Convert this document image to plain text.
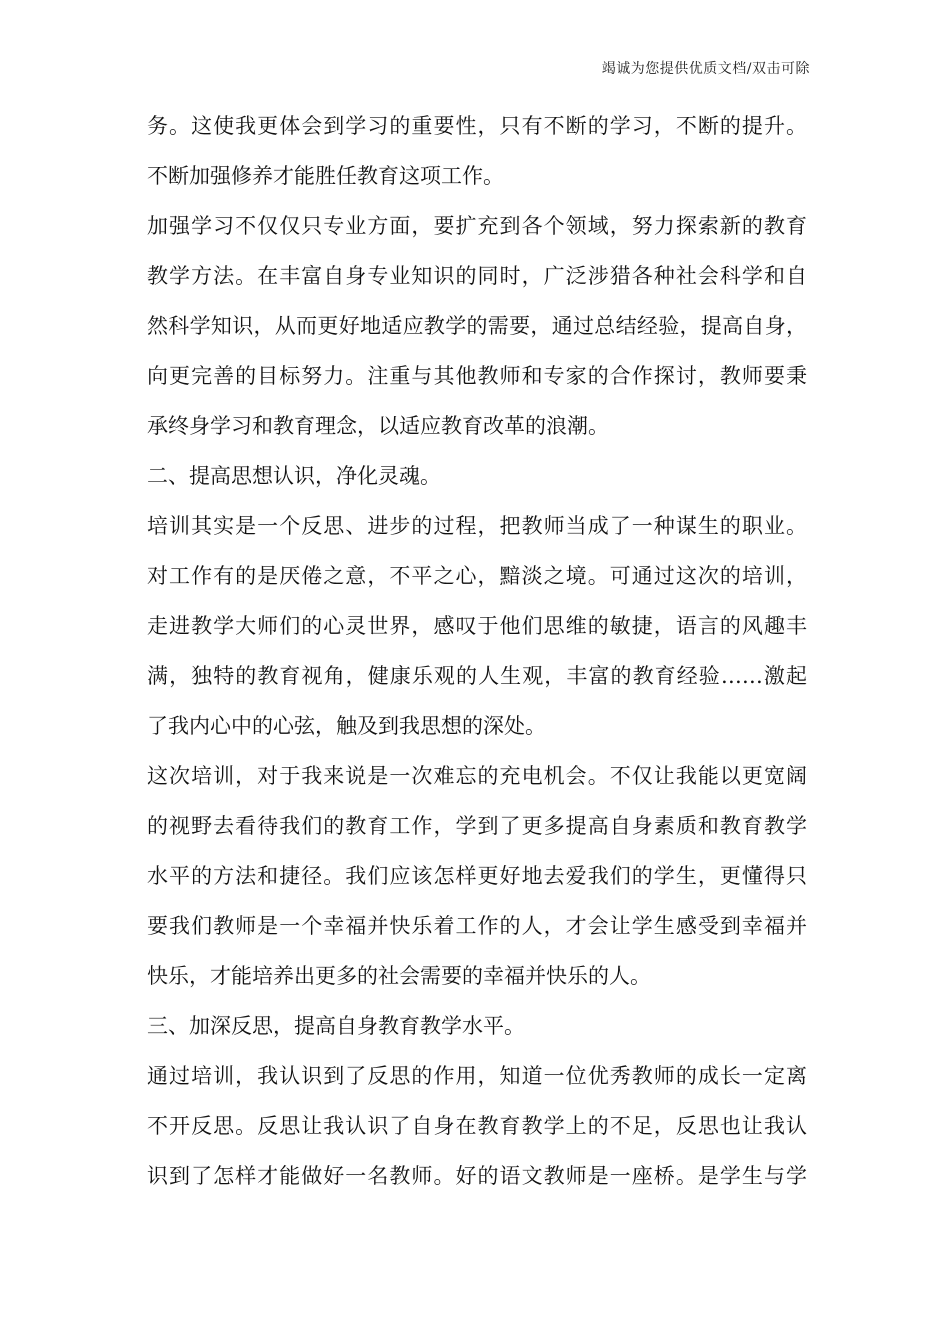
竭诚为您提供优质文档/双击可除
务。这使我更体会到学习的重要性，只有不断的学习，不断的提升。
不断加强修养才能胜任教育这项工作。
加强学习不仅仅只专业方面，要扩充到各个领域，努力探索新的教育
教学方法。在丰富自身专业知识的同时，广泛涉猎各种社会科学和自
然科学知识，从而更好地适应教学的需要，通过总结经验，提高自身，
向更完善的目标努力。注重与其他教师和专家的合作探讨，教师要秉
承终身学习和教育理念，以适应教育改革的浪潮。
二、提高思想认识，净化灵魂。
培训其实是一个反思、进步的过程，把教师当成了一种谋生的职业。
对工作有的是厌倦之意，不平之心，黯淡之境。可通过这次的培训，
走进教学大师们的心灵世界，感叹于他们思维的敏捷，语言的风趣丰
满，独特的教育视角，健康乐观的人生观，丰富的教育经验……激起
了我内心中的心弦，触及到我思想的深处。
这次培训，对于我来说是一次难忘的充电机会。不仅让我能以更宽阔
的视野去看待我们的教育工作，学到了更多提高自身素质和教育教学
水平的方法和捷径。我们应该怎样更好地去爱我们的学生，更懂得只
要我们教师是一个幸福并快乐着工作的人，才会让学生感受到幸福并
快乐，才能培养出更多的社会需要的幸福并快乐的人。
三、加深反思，提高自身教育教学水平。
通过培训，我认识到了反思的作用，知道一位优秀教师的成长一定离
不开反思。反思让我认识了自身在教育教学上的不足，反思也让我认
识到了怎样才能做好一名教师。好的语文教师是一座桥。是学生与学
